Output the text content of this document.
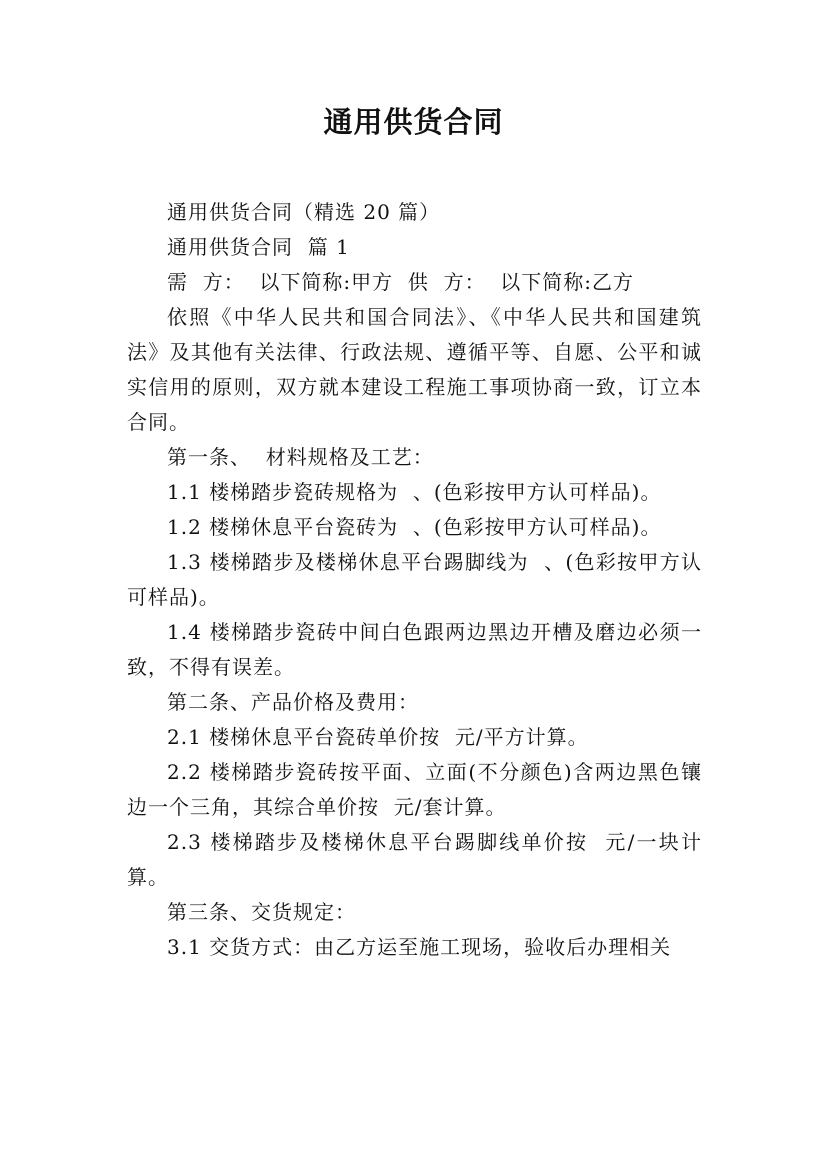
通用供货合同

通用供货合同（精选 20 篇）

通用供货合同  篇 1

需  方：  以下简称:甲方  供  方：  以下简称:乙方

依照《中华人民共和国合同法》、《中华人民共和国建筑法》及其他有关法律、行政法规、遵循平等、自愿、公平和诚实信用的原则，双方就本建设工程施工事项协商一致，订立本合同。

第一条、  材料规格及工艺：

1.1 楼梯踏步瓷砖规格为  、(色彩按甲方认可样品)。

1.2 楼梯休息平台瓷砖为  、(色彩按甲方认可样品)。

1.3 楼梯踏步及楼梯休息平台踢脚线为  、(色彩按甲方认可样品)。

1.4 楼梯踏步瓷砖中间白色跟两边黑边开槽及磨边必须一致，不得有误差。

第二条、产品价格及费用：

2.1 楼梯休息平台瓷砖单价按  元/平方计算。

2.2 楼梯踏步瓷砖按平面、立面(不分颜色)含两边黑色镶边一个三角，其综合单价按  元/套计算。

2.3 楼梯踏步及楼梯休息平台踢脚线单价按  元/一块计算。

第三条、交货规定：

3.1 交货方式：由乙方运至施工现场，验收后办理相关
